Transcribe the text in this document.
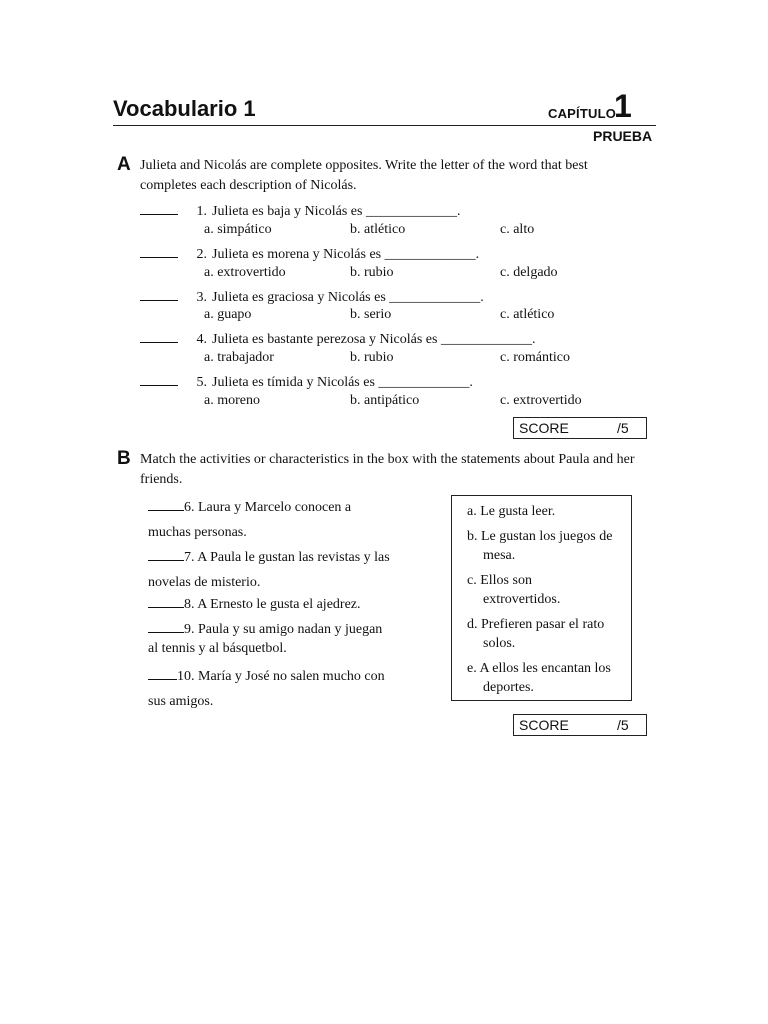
Vocabulario 1	CAPÍTULO
1
PRUEBA
A Julieta and Nicolás are complete opposites. Write the letter of the word that best completes each description of Nicolás.
1. Julieta es baja y Nicolás es _____________.
a. simpático	b. atlético	c. alto
2. Julieta es morena y Nicolás es _____________.
a. extrovertido	b. rubio	c. delgado
3. Julieta es graciosa y Nicolás es _____________.
a. guapo	b. serio	c. atlético
4. Julieta es bastante perezosa y Nicolás es _____________.
a. trabajador	b. rubio	c. romántico
5. Julieta es tímida y Nicolás es _____________.
a. moreno	b. antipático	c. extrovertido
SCORE	/5
B Match the activities or characteristics in the box with the statements about Paula and her friends.
6. Laura y Marcelo conocen a muchas personas.
7. A Paula le gustan las revistas y las novelas de misterio.
8. A Ernesto le gusta el ajedrez.
9. Paula y su amigo nadan y juegan al tennis y al básquetbol.
10. María y José no salen mucho con sus amigos.
a. Le gusta leer.
b. Le gustan los juegos de mesa.
c. Ellos son extrovertidos.
d. Prefieren pasar el rato solos.
e. A ellos les encantan los deportes.
SCORE	/5
